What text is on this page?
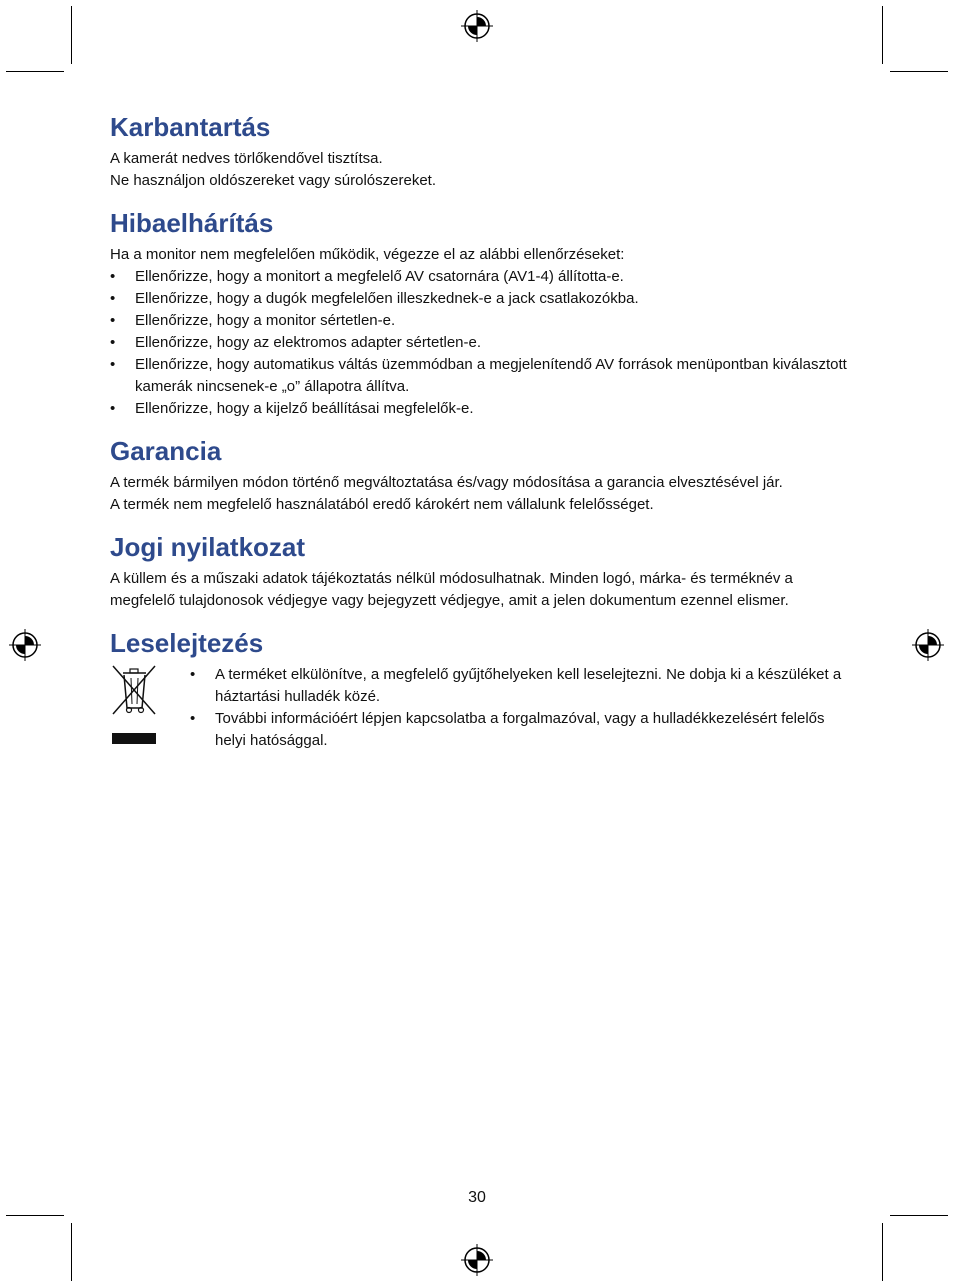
Karbantartás

A kamerát nedves törlőkendővel tisztítsa.

Ne használjon oldószereket vagy súrolószereket.

Hibaelhárítás

Ha a monitor nem megfelelően működik, végezze el az alábbi ellenőrzéseket:

• Ellenőrizze, hogy a monitort a megfelelő AV csatornára (AV1-4) állította-e.
• Ellenőrizze, hogy a dugók megfelelően illeszkednek-e a jack csatlakozókba.
• Ellenőrizze, hogy a monitor sértetlen-e.
• Ellenőrizze, hogy az elektromos adapter sértetlen-e.
• Ellenőrizze, hogy automatikus váltás üzemmódban a megjelenítendő AV források menüpontban kiválasztott kamerák nincsenek-e „ο” állapotra állítva.
• Ellenőrizze, hogy a kijelző beállításai megfelelők-e.
Garancia

A termék bármilyen módon történő megváltoztatása és/vagy módosítása a garancia elvesztésével jár.

A termék nem megfelelő használatából eredő károkért nem vállalunk felelősséget.

Jogi nyilatkozat

A küllem és a műszaki adatok tájékoztatás nélkül módosulhatnak. Minden logó, márka- és terméknév a megfelelő tulajdonosok védjegye vagy bejegyzett védjegye, amit a jelen dokumentum ezennel elismer.

Leselejtezés
• A terméket elkülönítve, a megfelelő gyűjtőhelyeken kell leselejtezni. Ne dobja ki a készüléket a háztartási hulladék közé.
• További információért lépjen kapcsolatba a forgalmazóval, vagy a hulladékkezelésért felelős helyi hatósággal.
30
